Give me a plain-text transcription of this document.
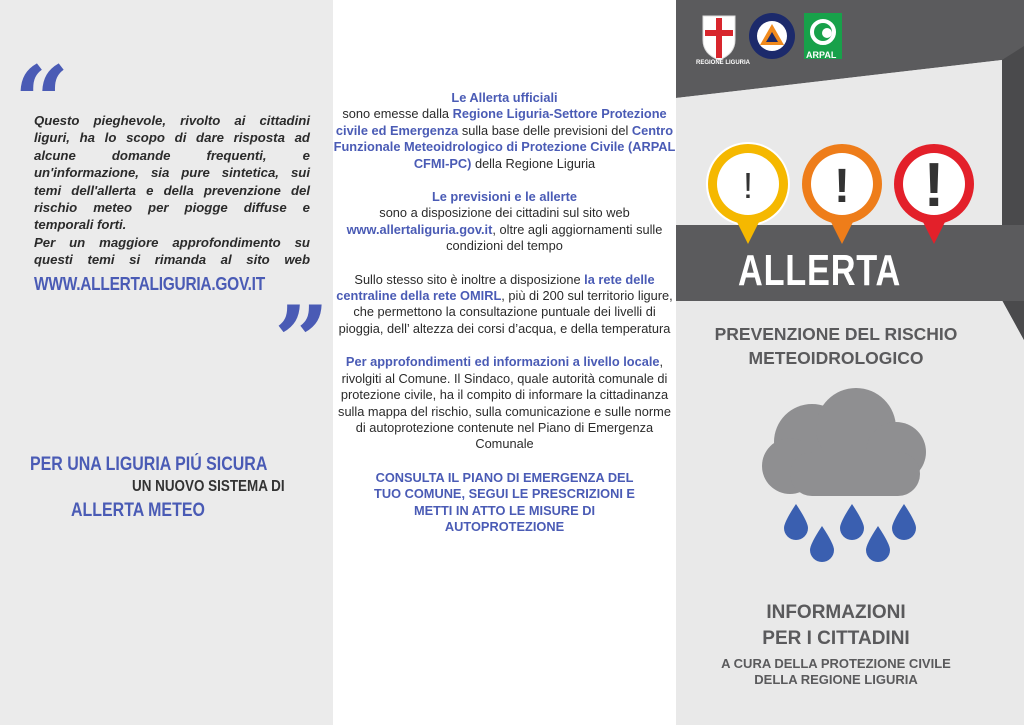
“

Questo pieghevole, rivolto ai cittadini
liguri, ha lo scopo di dare risposta ad
alcune domande frequenti, e
un'informazione, sia pure sintetica, sui
temi dell'allerta e della prevenzione del
rischio meteo per piogge diffuse e
temporali forti.
Per un maggiore approfondimento su
questi temi si rimanda al sito web

WWW.ALLERTALIGURIA.GOV.IT
”
PER UNA LIGURIA PIÚ SICURA
UN NUOVO SISTEMA DI
ALLERTA METEO

Le Allerta ufficiali
sono emesse dalla Regione Liguria-Settore Protezione civile ed Emergenza sulla base delle previsioni del Centro Funzionale Meteoidrologico di Protezione Civile (ARPAL CFMI-PC) della Regione Liguria

Le previsioni e le allerte
sono a disposizione dei cittadini sul sito web www.allertaliguria.gov.it, oltre agli aggiornamenti sulle condizioni del tempo

Sullo stesso sito è inoltre a disposizione la rete delle centraline della rete OMIRL, più di 200 sul territorio ligure, che permettono la consultazione puntuale dei livelli di pioggia, dell’ altezza dei corsi d’acqua, e della temperatura

Per approfondimenti ed informazioni a livello locale, rivolgiti al Comune. Il Sindaco, quale autorità comunale di protezione civile, ha il compito di informare la cittadinanza sulla mappa del rischio, sulla comunicazione e sulle norme di autoprotezione contenute nel Piano di Emergenza Comunale

CONSULTA IL PIANO DI EMERGENZA DEL TUO COMUNE, SEGUI LE PRESCRIZIONI E METTI IN ATTO LE MISURE DI AUTOPROTEZIONE

REGIONE LIGURIA
ARPAL
! ! !
ALLERTA
PREVENZIONE DEL RISCHIO
METEOIDROLOGICO
INFORMAZIONI
PER I CITTADINI
A CURA DELLA PROTEZIONE CIVILE
DELLA REGIONE LIGURIA
